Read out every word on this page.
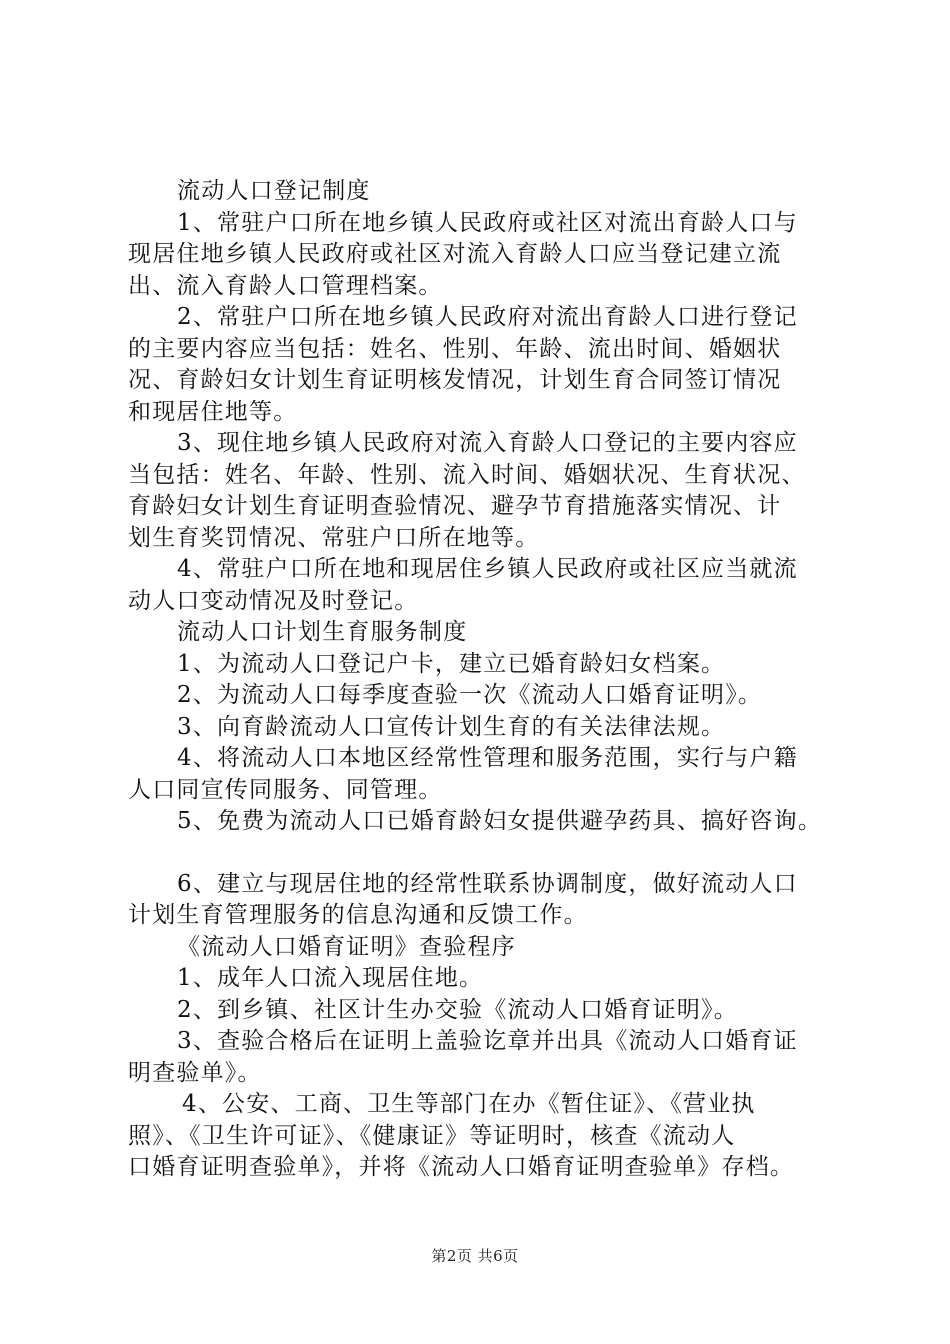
流动人口登记制度
1、常驻户口所在地乡镇人民政府或社区对流出育龄人口与
现居住地乡镇人民政府或社区对流入育龄人口应当登记建立流
出、流入育龄人口管理档案。
2、常驻户口所在地乡镇人民政府对流出育龄人口进行登记
的主要内容应当包括：姓名、性别、年龄、流出时间、婚姻状
况、育龄妇女计划生育证明核发情况，计划生育合同签订情况
和现居住地等。
3、现住地乡镇人民政府对流入育龄人口登记的主要内容应
当包括：姓名、年龄、性别、流入时间、婚姻状况、生育状况、
育龄妇女计划生育证明查验情况、避孕节育措施落实情况、计
划生育奖罚情况、常驻户口所在地等。
4、常驻户口所在地和现居住乡镇人民政府或社区应当就流
动人口变动情况及时登记。
流动人口计划生育服务制度
1、为流动人口登记户卡，建立已婚育龄妇女档案。
2、为流动人口每季度查验一次《流动人口婚育证明》。
3、向育龄流动人口宣传计划生育的有关法律法规。
4、将流动人口本地区经常性管理和服务范围，实行与户籍
人口同宣传同服务、同管理。
5、免费为流动人口已婚育龄妇女提供避孕药具、搞好咨询。
6、建立与现居住地的经常性联系协调制度，做好流动人口
计划生育管理服务的信息沟通和反馈工作。
《流动人口婚育证明》查验程序
1、成年人口流入现居住地。
2、到乡镇、社区计生办交验《流动人口婚育证明》。
3、查验合格后在证明上盖验讫章并出具《流动人口婚育证
明查验单》。
4、公安、工商、卫生等部门在办《暂住证》、《营业执
照》、《卫生许可证》、《健康证》等证明时，核查《流动人
口婚育证明查验单》，并将《流动人口婚育证明查验单》存档。
第2页 共6页
